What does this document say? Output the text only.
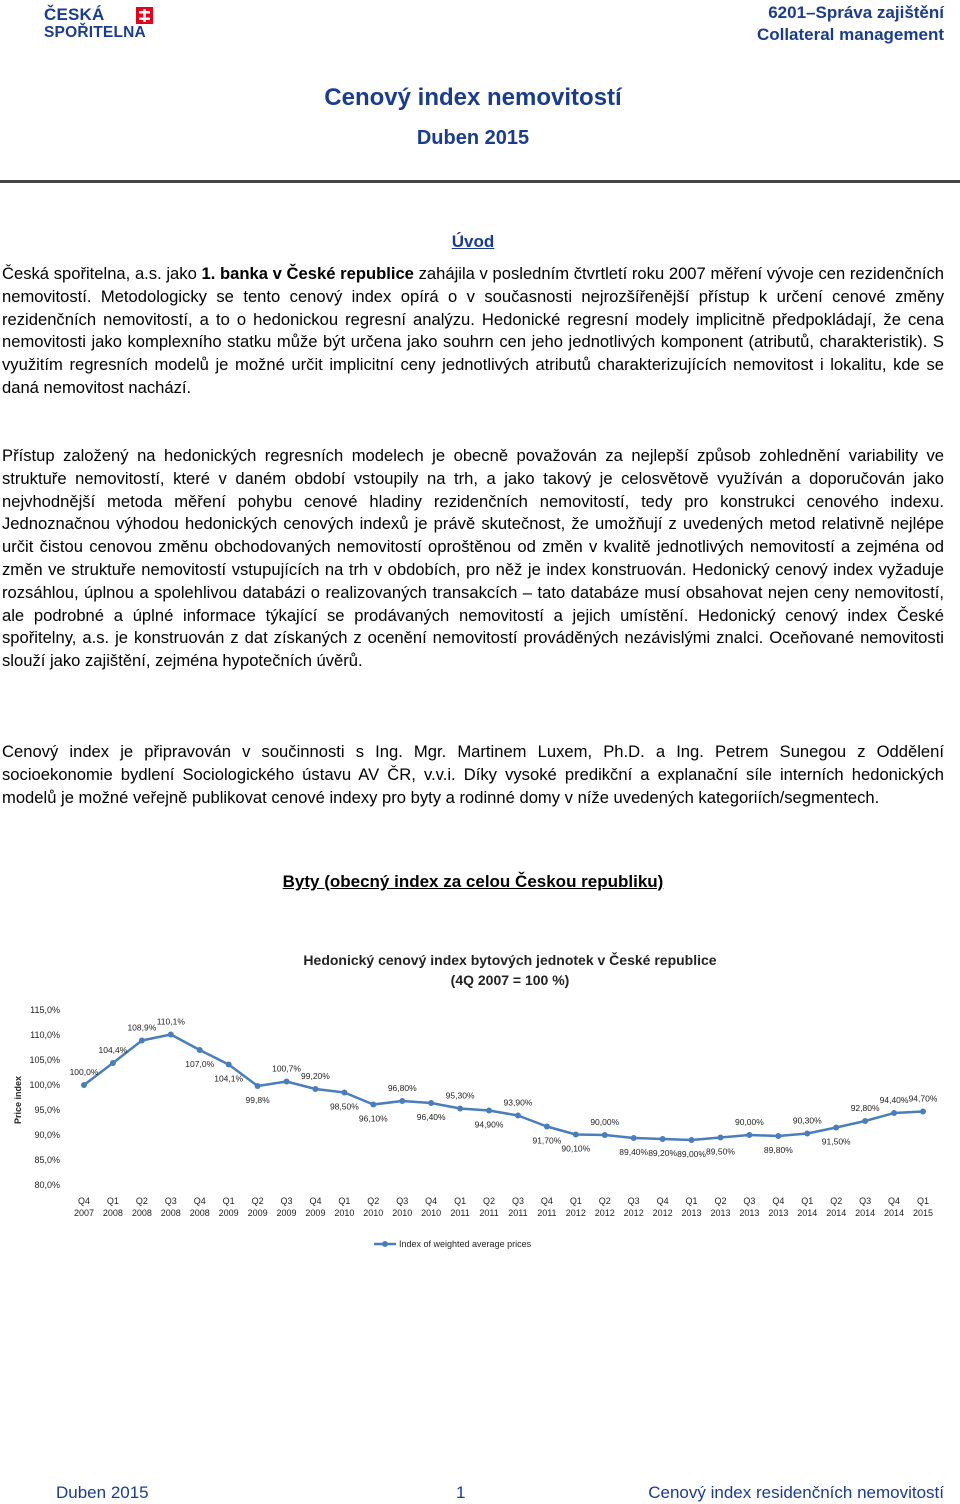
ČESKÁ
SPOŘITELNA
6201–Správa zajištění
Collateral management
Cenový index nemovitostí
Duben 2015
Úvod

Česká spořitelna, a.s. jako 1. banka v České republice zahájila v posledním čtvrtletí roku 2007 měření vývoje cen rezidenčních nemovitostí. Metodologicky se tento cenový index opírá o v současnosti nejrozšířenější přístup k určení cenové změny rezidenčních nemovitostí, a to o hedonickou regresní analýzu. Hedonické regresní modely implicitně předpokládají, že cena nemovitosti jako komplexního statku může být určena jako souhrn cen jeho jednotlivých komponent (atributů, charakteristik). S využitím regresních modelů je možné určit implicitní ceny jednotlivých atributů charakterizujících nemovitost i lokalitu, kde se daná nemovitost nachází.

Přístup založený na hedonických regresních modelech je obecně považován za nejlepší způsob zohlednění variability ve struktuře nemovitostí, které v daném období vstoupily na trh, a jako takový je celosvětově využíván a doporučován jako nejvhodnější metoda měření pohybu cenové hladiny rezidenčních nemovitostí, tedy pro konstrukci cenového indexu. Jednoznačnou výhodou hedonických cenových indexů je právě skutečnost, že umožňují z uvedených metod relativně nejlépe určit čistou cenovou změnu obchodovaných nemovitostí oproštěnou od změn v kvalitě jednotlivých nemovitostí a zejména od změn ve struktuře nemovitostí vstupujících na trh v obdobích, pro něž je index konstruován. Hedonický cenový index vyžaduje rozsáhlou, úplnou a spolehlivou databázi o realizovaných transakcích – tato databáze musí obsahovat nejen ceny nemovitostí, ale podrobné a úplné informace týkající se prodávaných nemovitostí a jejich umístění. Hedonický cenový index České spořitelny, a.s. je konstruován z dat získaných z ocenění nemovitostí prováděných nezávislými znalci. Oceňované nemovitosti slouží jako zajištění, zejména hypotečních úvěrů.

Cenový index je připravován v součinnosti s Ing. Mgr. Martinem Luxem, Ph.D. a Ing. Petrem Sunegou z Oddělení socioekonomie bydlení Sociologického ústavu AV ČR, v.v.i. Díky vysoké predikční a explanační síle interních hedonických modelů je možné veřejně publikovat cenové indexy pro byty a rodinné domy v níže uvedených kategoriích/segmentech.

Byty (obecný index za celou Českou republiku)
Hedonický cenový index bytových jednotek v České republice
(4Q 2007 = 100 %)
80,0%
85,0%
90,0%
95,0%
100,0%
105,0%
110,0%
115,0%
Price index
Q4
2007
Q1
2008
Q2
2008
Q3
2008
Q4
2008
Q1
2009
Q2
2009
Q3
2009
Q4
2009
Q1
2010
Q2
2010
Q3
2010
Q4
2010
Q1
2011
Q2
2011
Q3
2011
Q4
2011
Q1
2012
Q2
2012
Q3
2012
Q4
2012
Q1
2013
Q2
2013
Q3
2013
Q4
2013
Q1
2014
Q2
2014
Q3
2014
Q4
2014
Q1
2015
100,0%
104,4%
108,9%
110,1%
107,0%
104,1%
99,8%
100,7%
99,20%
98,50%
96,10%
96,80%
96,40%
95,30%
94,90%
93,90%
91,70%
90,10%
90,00%
89,40% 89,20% 89,00% 89,50%
90,00%
89,80%
90,30%
91,50%
92,80%
94,40% 94,70%
Index of weighted average prices
Duben 2015	1	Cenový index residenčních nemovitostí
